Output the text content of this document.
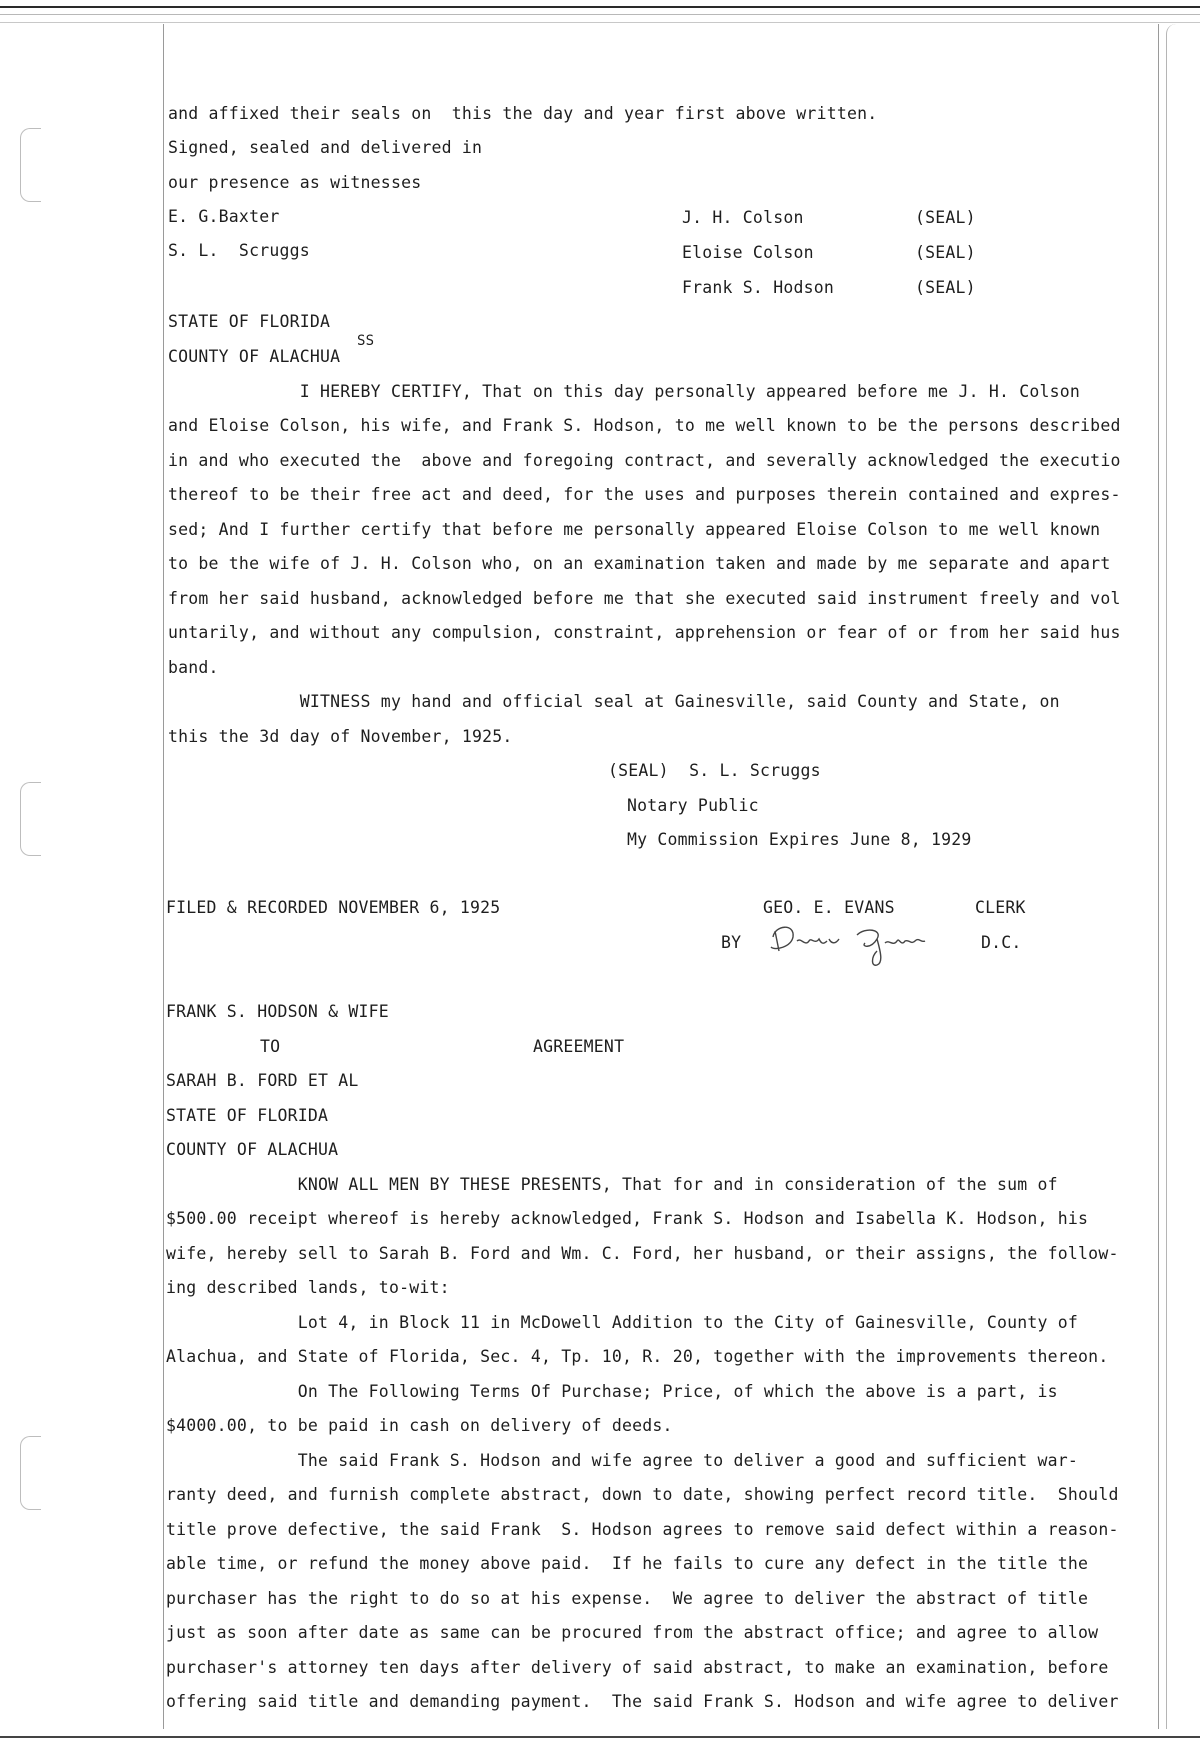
and affixed their seals on  this the day and year first above written.
Signed, sealed and delivered in
our presence as witnesses
E. G.Baxter
S. L.  Scruggs
J. H. Colson	(SEAL)
Eloise Colson	(SEAL)
Frank S. Hodson	(SEAL)
STATE OF FLORIDA
SS
COUNTY OF ALACHUA
I HEREBY CERTIFY, That on this day personally appeared before me J. H. Colson
and Eloise Colson, his wife, and Frank S. Hodson, to me well known to be the persons described
in and who executed the  above and foregoing contract, and severally acknowledged the executio
thereof to be their free act and deed, for the uses and purposes therein contained and expres-
sed; And I further certify that before me personally appeared Eloise Colson to me well known
to be the wife of J. H. Colson who, on an examination taken and made by me separate and apart
from her said husband, acknowledged before me that she executed said instrument freely and vol
untarily, and without any compulsion, constraint, apprehension or fear of or from her said hus
band.
WITNESS my hand and official seal at Gainesville, said County and State, on
this the 3d day of November, 1925.
(SEAL)  S. L. Scruggs
Notary Public
My Commission Expires June 8, 1929
FILED & RECORDED NOVEMBER 6, 1925	GEO. E. EVANS	CLERK
BY	D.C.
FRANK S. HODSON & WIFE
TO	AGREEMENT
SARAH B. FORD ET AL
STATE OF FLORIDA
COUNTY OF ALACHUA
KNOW ALL MEN BY THESE PRESENTS, That for and in consideration of the sum of
$500.00 receipt whereof is hereby acknowledged, Frank S. Hodson and Isabella K. Hodson, his
wife, hereby sell to Sarah B. Ford and Wm. C. Ford, her husband, or their assigns, the follow-
ing described lands, to-wit:
Lot 4, in Block 11 in McDowell Addition to the City of Gainesville, County of
Alachua, and State of Florida, Sec. 4, Tp. 10, R. 20, together with the improvements thereon.
On The Following Terms Of Purchase; Price, of which the above is a part, is
$4000.00, to be paid in cash on delivery of deeds.
The said Frank S. Hodson and wife agree to deliver a good and sufficient war-
ranty deed, and furnish complete abstract, down to date, showing perfect record title.  Should
title prove defective, the said Frank  S. Hodson agrees to remove said defect within a reason-
able time, or refund the money above paid.  If he fails to cure any defect in the title the
purchaser has the right to do so at his expense.  We agree to deliver the abstract of title
just as soon after date as same can be procured from the abstract office; and agree to allow
purchaser's attorney ten days after delivery of said abstract, to make an examination, before
offering said title and demanding payment.  The said Frank S. Hodson and wife agree to deliver
